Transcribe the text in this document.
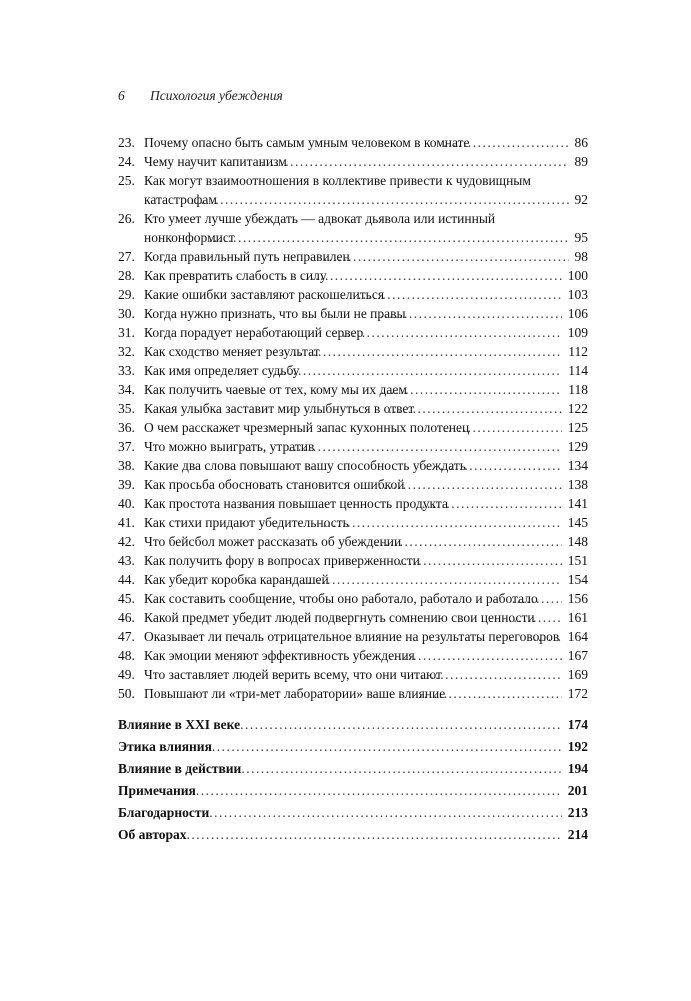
6 Психология убеждения
23. Почему опасно быть самым умным человеком в комнате	86
24. Чему научит капитанизм	89
25. Как могут взаимоотношения в коллективе привести к чудовищным катастрофам	92
26. Кто умеет лучше убеждать — адвокат дьявола или истинный нонконформист	95
27. Когда правильный путь неправилен	98
28. Как превратить слабость в силу	100
29. Какие ошибки заставляют раскошелиться	103
30. Когда нужно признать, что вы были не правы	106
31. Когда порадует неработающий сервер	109
32. Как сходство меняет результат	112
33. Как имя определяет судьбу	114
34. Как получить чаевые от тех, кому мы их даем	118
35. Какая улыбка заставит мир улыбнуться в ответ	122
36. О чем расскажет чрезмерный запас кухонных полотенец	125
37. Что можно выиграть, утратив	129
38. Какие два слова повышают вашу способность убеждать	134
39. Как просьба обосновать становится ошибкой	138
40. Как простота названия повышает ценность продукта	141
41. Как стихи придают убедительность	145
42. Что бейсбол может рассказать об убеждении	148
43. Как получить фору в вопросах приверженности	151
44. Как убедит коробка карандашей	154
45. Как составить сообщение, чтобы оно работало, работало и работало	156
46. Какой предмет убедит людей подвергнуть сомнению свои ценности	161
47. Оказывает ли печаль отрицательное влияние на результаты переговоров 164
48. Как эмоции меняют эффективность убеждения	167
49. Что заставляет людей верить всему, что они читают	169
50. Повышают ли «три-мет лаборатории» ваше влияние	172
Влияние в XXI веке	174
Этика влияния	192
Влияние в действии	194
Примечания	201
Благодарности	213
Об авторах	214
